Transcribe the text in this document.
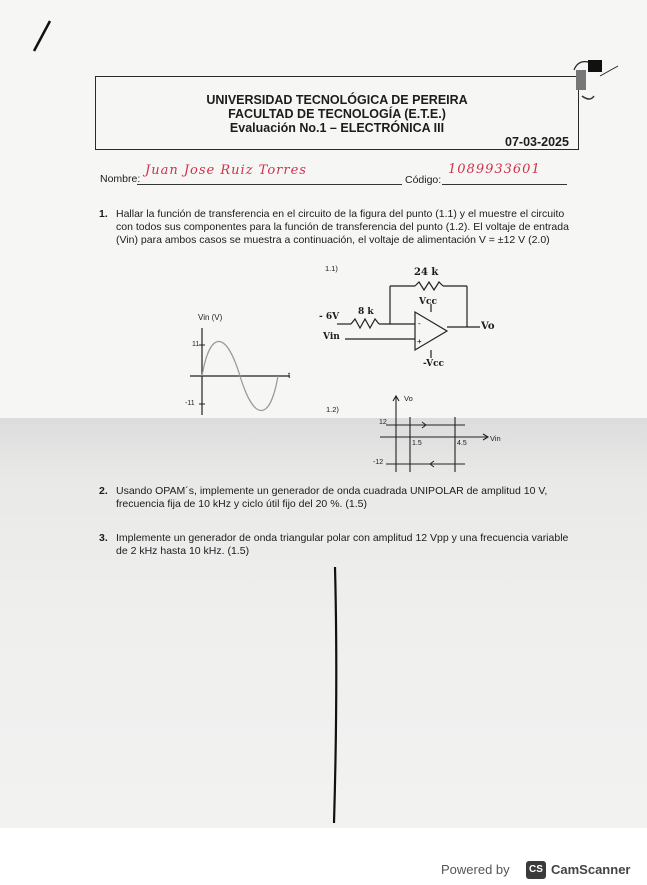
UNIVERSIDAD TECNOLÓGICA DE PEREIRA
FACULTAD DE TECNOLOGÍA (E.T.E.)
Evaluación No.1 – ELECTRÓNICA III
07-03-2025
Nombre:
Juan Jose Ruiz Torres
Código:
1089933601
1. Hallar la función de transferencia en el circuito de la figura del punto (1.1) y el muestre el circuito
con todos sus componentes para la función de transferencia del punto (1.2). El voltaje de entrada
(Vin) para ambos casos se muestra a continuación, el voltaje de alimentación V = ±12 V (2.0)
1.1)
-
+
24 k
8 k
- 6V
Vin
Vcc
Vo
-Vcc
Vin (V)
11
-11
t
1.2)
Vo
Vin
12
-12
1.5	4.5
2. Usando OPAM´s, implemente un generador de onda cuadrada UNIPOLAR de amplitud 10 V,
frecuencia fija de 10 kHz y ciclo útil fijo del 20 %. (1.5)
3. Implemente un generador de onda triangular polar con amplitud 12 Vpp y una frecuencia variable
de 2 kHz hasta 10 kHz. (1.5)
Powered by	CS CamScanner
